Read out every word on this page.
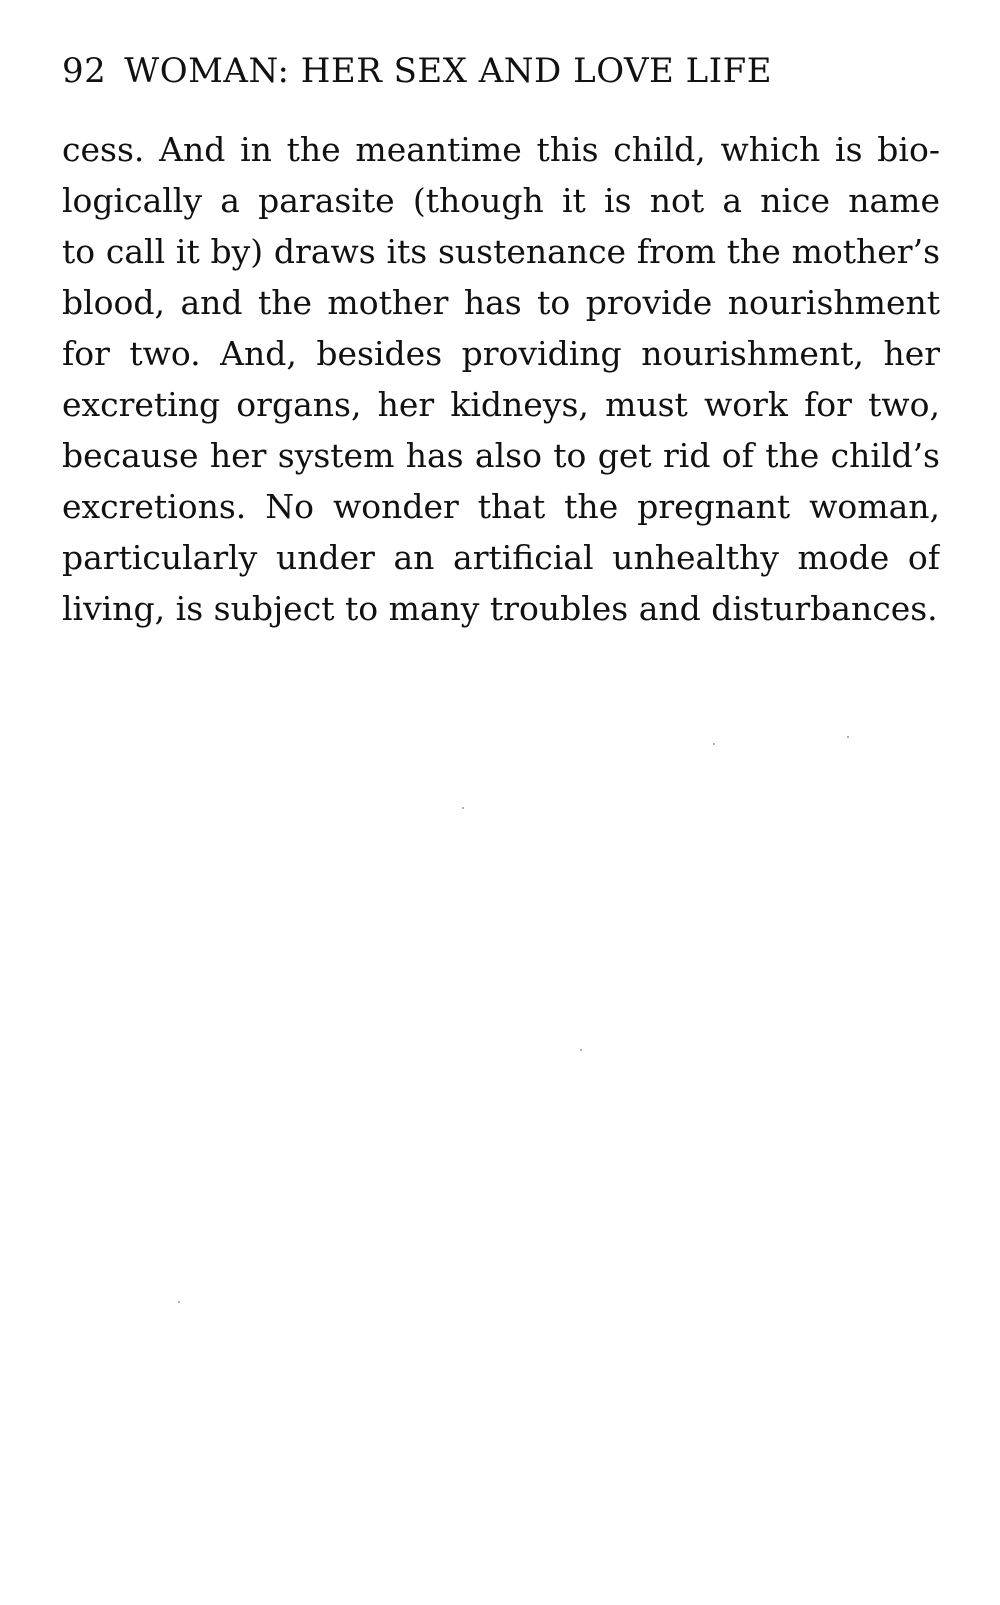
92 WOMAN: HER SEX AND LOVE LIFE
cess. And in the meantime this child, which is bio-
logically a parasite (though it is not a nice name
to call it by) draws its sustenance from the mother’s
blood, and the mother has to provide nourishment
for two. And, besides providing nourishment, her
excreting organs, her kidneys, must work for two,
because her system has also to get rid of the child’s
excretions. No wonder that the pregnant woman,
particularly under an artificial unhealthy mode of
living, is subject to many troubles and disturbances.
